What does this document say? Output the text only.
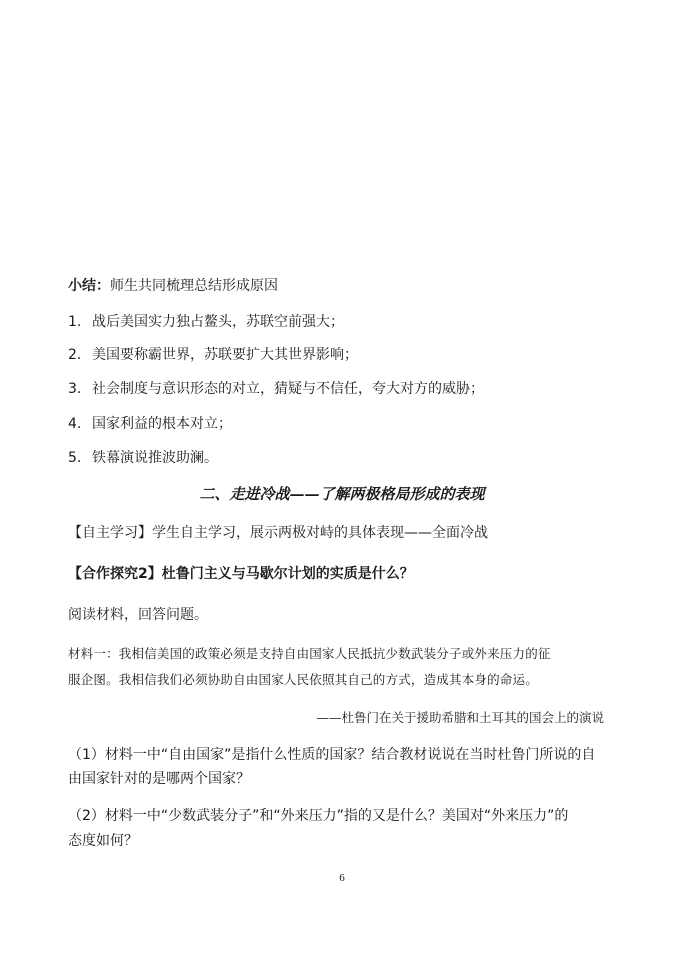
小结：师生共同梳理总结形成原因
1. 战后美国实力独占鳌头，苏联空前强大；
2. 美国要称霸世界，苏联要扩大其世界影响；
3. 社会制度与意识形态的对立，猜疑与不信任，夸大对方的威胁；
4. 国家利益的根本对立；
5. 铁幕演说推波助澜。
二、走进冷战——了解两极格局形成的表现
【自主学习】学生自主学习，展示两极对峙的具体表现——全面冷战
【合作探究2】杜鲁门主义与马歇尔计划的实质是什么？
阅读材料，回答问题。
材料一：我相信美国的政策必须是支持自由国家人民抵抗少数武装分子或外来压力的征
服企图。我相信我们必须协助自由国家人民依照其自己的方式，造成其本身的命运。
——杜鲁门在关于援助希腊和土耳其的国会上的演说
（1）材料一中“自由国家”是指什么性质的国家？结合教材说说在当时杜鲁门所说的自
由国家针对的是哪两个国家？
（2）材料一中“少数武装分子”和“外来压力”指的又是什么？美国对“外来压力”的
态度如何？
6
